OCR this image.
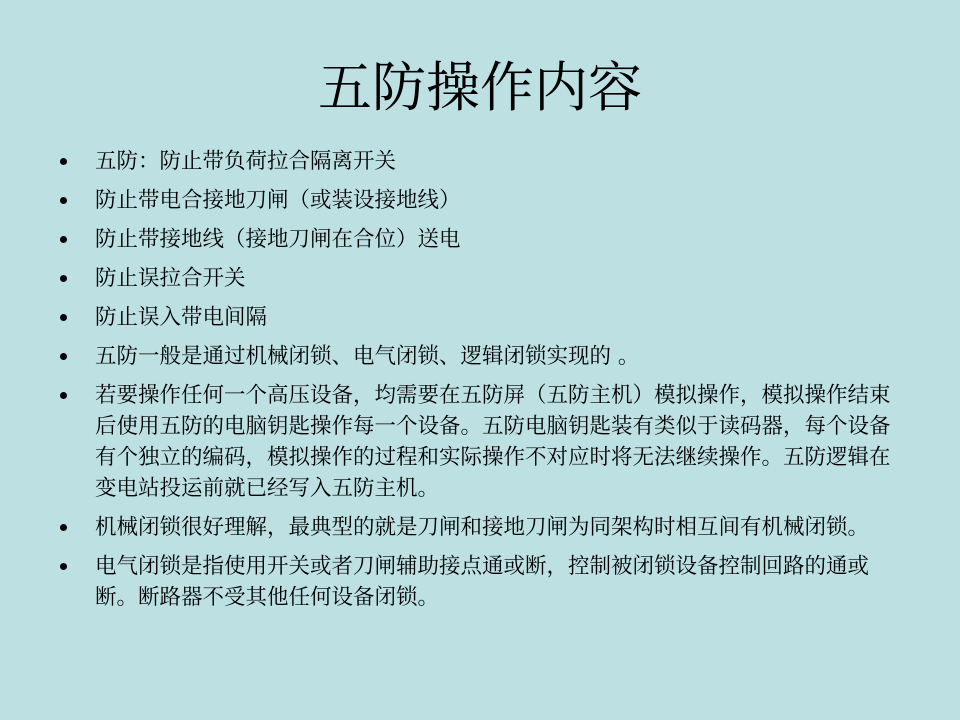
五防操作内容
五防：防止带负荷拉合隔离开关
防止带电合接地刀闸（或装设接地线）
防止带接地线（接地刀闸在合位）送电
防止误拉合开关
防止误入带电间隔
五防一般是通过机械闭锁、电气闭锁、逻辑闭锁实现的 。
若要操作任何一个高压设备，均需要在五防屏（五防主机）模拟操作，模拟操作结束后使用五防的电脑钥匙操作每一个设备。五防电脑钥匙装有类似于读码器，每个设备有个独立的编码，模拟操作的过程和实际操作不对应时将无法继续操作。五防逻辑在变电站投运前就已经写入五防主机。
机械闭锁很好理解，最典型的就是刀闸和接地刀闸为同架构时相互间有机械闭锁。
电气闭锁是指使用开关或者刀闸辅助接点通或断，控制被闭锁设备控制回路的通或断。断路器不受其他任何设备闭锁。
